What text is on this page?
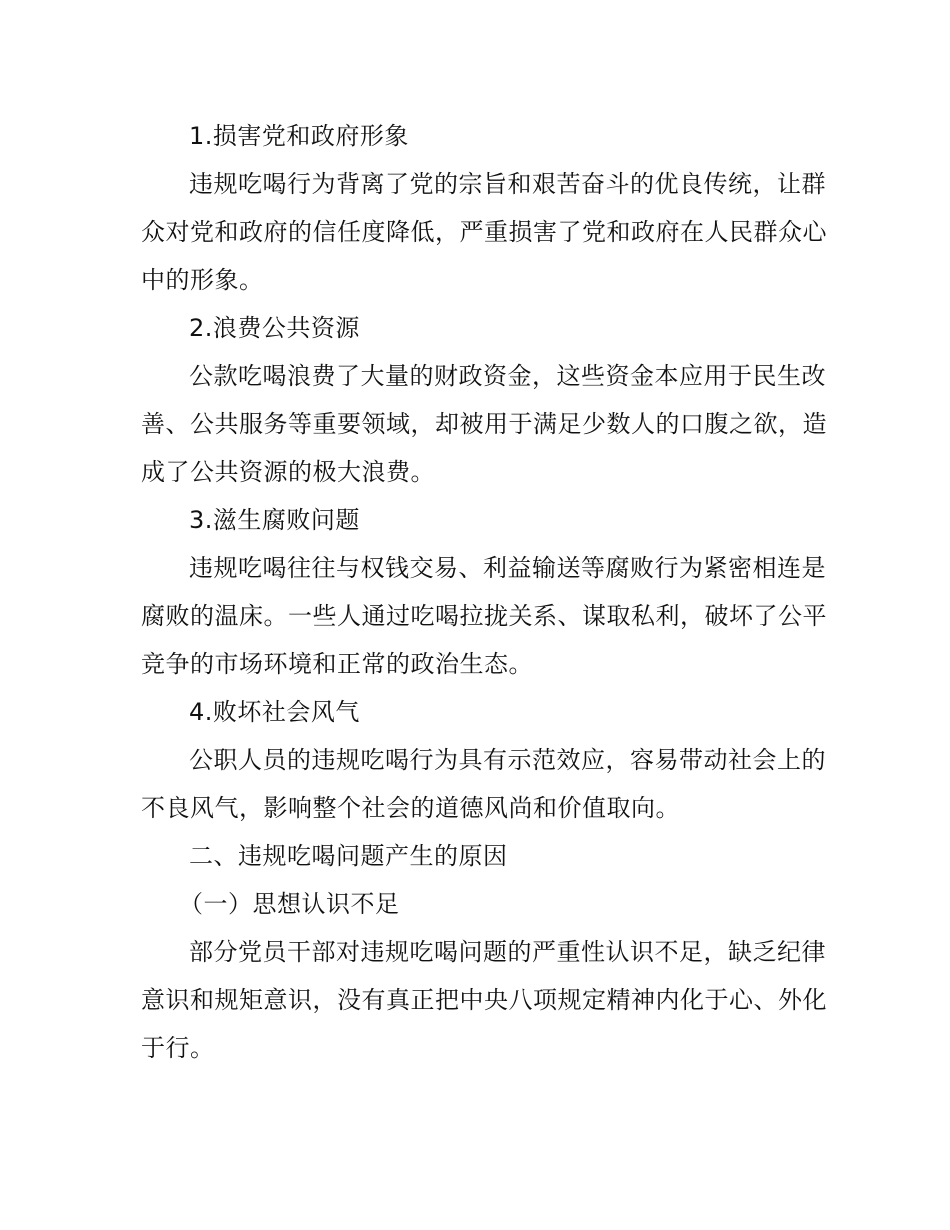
1.损害党和政府形象

违规吃喝行为背离了党的宗旨和艰苦奋斗的优良传统，让群众对党和政府的信任度降低，严重损害了党和政府在人民群众心中的形象。

2.浪费公共资源

公款吃喝浪费了大量的财政资金，这些资金本应用于民生改善、公共服务等重要领域，却被用于满足少数人的口腹之欲，造成了公共资源的极大浪费。

3.滋生腐败问题

违规吃喝往往与权钱交易、利益输送等腐败行为紧密相连是腐败的温床。一些人通过吃喝拉拢关系、谋取私利，破坏了公平竞争的市场环境和正常的政治生态。

4.败坏社会风气

公职人员的违规吃喝行为具有示范效应，容易带动社会上的不良风气，影响整个社会的道德风尚和价值取向。

二、违规吃喝问题产生的原因

（一）思想认识不足

部分党员干部对违规吃喝问题的严重性认识不足，缺乏纪律意识和规矩意识，没有真正把中央八项规定精神内化于心、外化于行。
